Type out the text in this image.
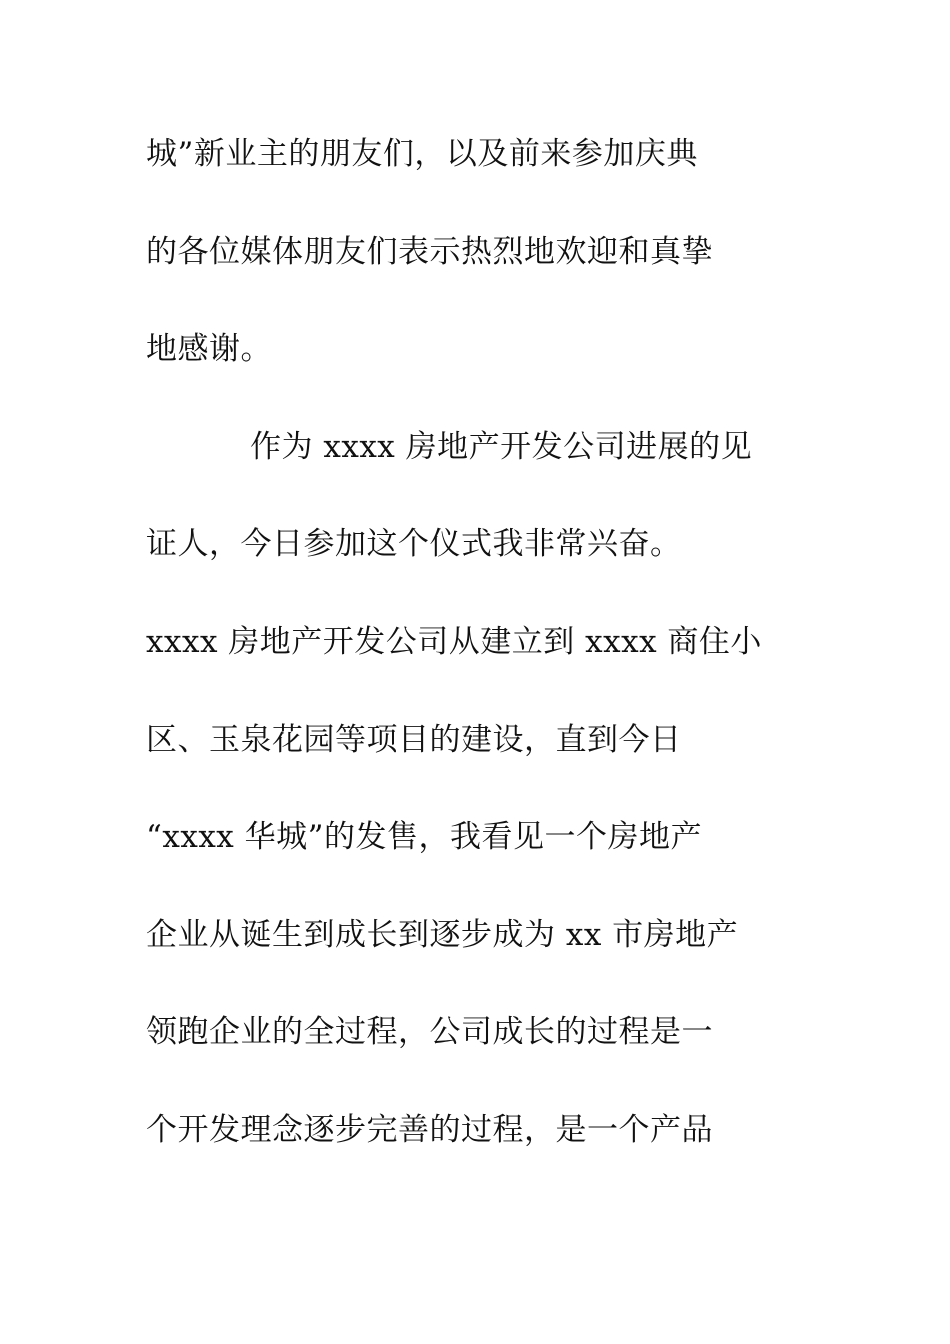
城”新业主的朋友们，以及前来参加庆典
的各位媒体朋友们表示热烈地欢迎和真挚
地感谢。
作为 xxxx 房地产开发公司进展的见
证人，今日参加这个仪式我非常兴奋。
xxxx 房地产开发公司从建立到 xxxx 商住小
区、玉泉花园等项目的建设，直到今日
“xxxx 华城”的发售，我看见一个房地产
企业从诞生到成长到逐步成为 xx 市房地产
领跑企业的全过程，公司成长的过程是一
个开发理念逐步完善的过程，是一个产品
